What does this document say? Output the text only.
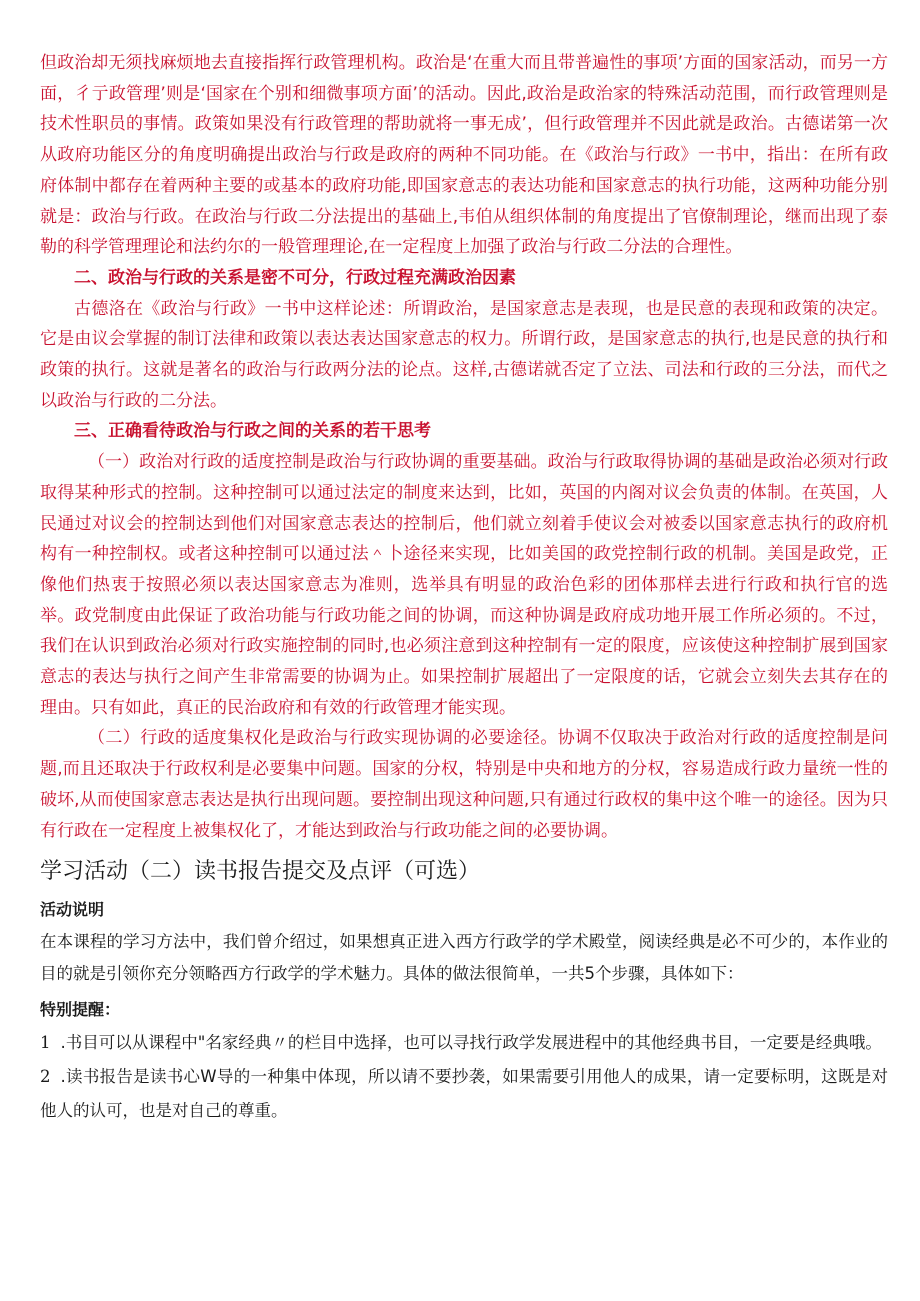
但政治却无须找麻烦地去直接指挥行政管理机构。政治是‘在重大而且带普遍性的事项’方面的国家活动，而另一方面，彳亍政管理’则是‘国家在个别和细微事项方面’的活动。因此,政治是政治家的特殊活动范围，而行政管理则是技术性职员的事情。政策如果没有行政管理的帮助就将一事无成’，但行政管理并不因此就是政治。古德诺第一次从政府功能区分的角度明确提出政治与行政是政府的两种不同功能。在《政治与行政》一书中，指出：在所有政府体制中都存在着两种主要的或基本的政府功能,即国家意志的表达功能和国家意志的执行功能，这两种功能分别就是：政治与行政。在政治与行政二分法提出的基础上,韦伯从组织体制的角度提出了官僚制理论，继而出现了泰勒的科学管理理论和法约尔的一般管理理论,在一定程度上加强了政治与行政二分法的合理性。

二、政治与行政的关系是密不可分，行政过程充满政治因素

古德洛在《政治与行政》一书中这样论述：所谓政治，是国家意志是表现，也是民意的表现和政策的决定。它是由议会掌握的制订法律和政策以表达表达国家意志的权力。所谓行政，是国家意志的执行,也是民意的执行和政策的执行。这就是著名的政治与行政两分法的论点。这样,古德诺就否定了立法、司法和行政的三分法，而代之以政治与行政的二分法。

三、正确看待政治与行政之间的关系的若干思考

（一）政治对行政的适度控制是政治与行政协调的重要基础。政治与行政取得协调的基础是政治必须对行政取得某种形式的控制。这种控制可以通过法定的制度来达到，比如，英国的内阁对议会负责的体制。在英国，人民通过对议会的控制达到他们对国家意志表达的控制后，他们就立刻着手使议会对被委以国家意志执行的政府机构有一种控制权。或者这种控制可以通过法＾卜途径来实现，比如美国的政党控制行政的机制。美国是政党，正像他们热衷于按照必须以表达国家意志为准则，选举具有明显的政治色彩的团体那样去进行行政和执行官的选举。政党制度由此保证了政治功能与行政功能之间的协调，而这种协调是政府成功地开展工作所必须的。不过，我们在认识到政治必须对行政实施控制的同时,也必须注意到这种控制有一定的限度，应该使这种控制扩展到国家意志的表达与执行之间产生非常需要的协调为止。如果控制扩展超出了一定限度的话，它就会立刻失去其存在的理由。只有如此，真正的民治政府和有效的行政管理才能实现。

（二）行政的适度集权化是政治与行政实现协调的必要途径。协调不仅取决于政治对行政的适度控制是问题,而且还取决于行政权利是必要集中问题。国家的分权，特别是中央和地方的分权，容易造成行政力量统一性的破坏,从而使国家意志表达是执行出现问题。要控制出现这种问题,只有通过行政权的集中这个唯一的途径。因为只有行政在一定程度上被集权化了，才能达到政治与行政功能之间的必要协调。

学习活动（二）读书报告提交及点评（可选）

活动说明

在本课程的学习方法中，我们曾介绍过，如果想真正进入西方行政学的学术殿堂，阅读经典是必不可少的，本作业的目的就是引领你充分领略西方行政学的学术魅力。具体的做法很简单，一共5个步骤，具体如下：

特别提醒：

1 .书目可以从课程中"名家经典〃的栏目中选择，也可以寻找行政学发展进程中的其他经典书目，一定要是经典哦。

2 .读书报告是读书心W导的一种集中体现，所以请不要抄袭，如果需要引用他人的成果，请一定要标明，这既是对他人的认可，也是对自己的尊重。
